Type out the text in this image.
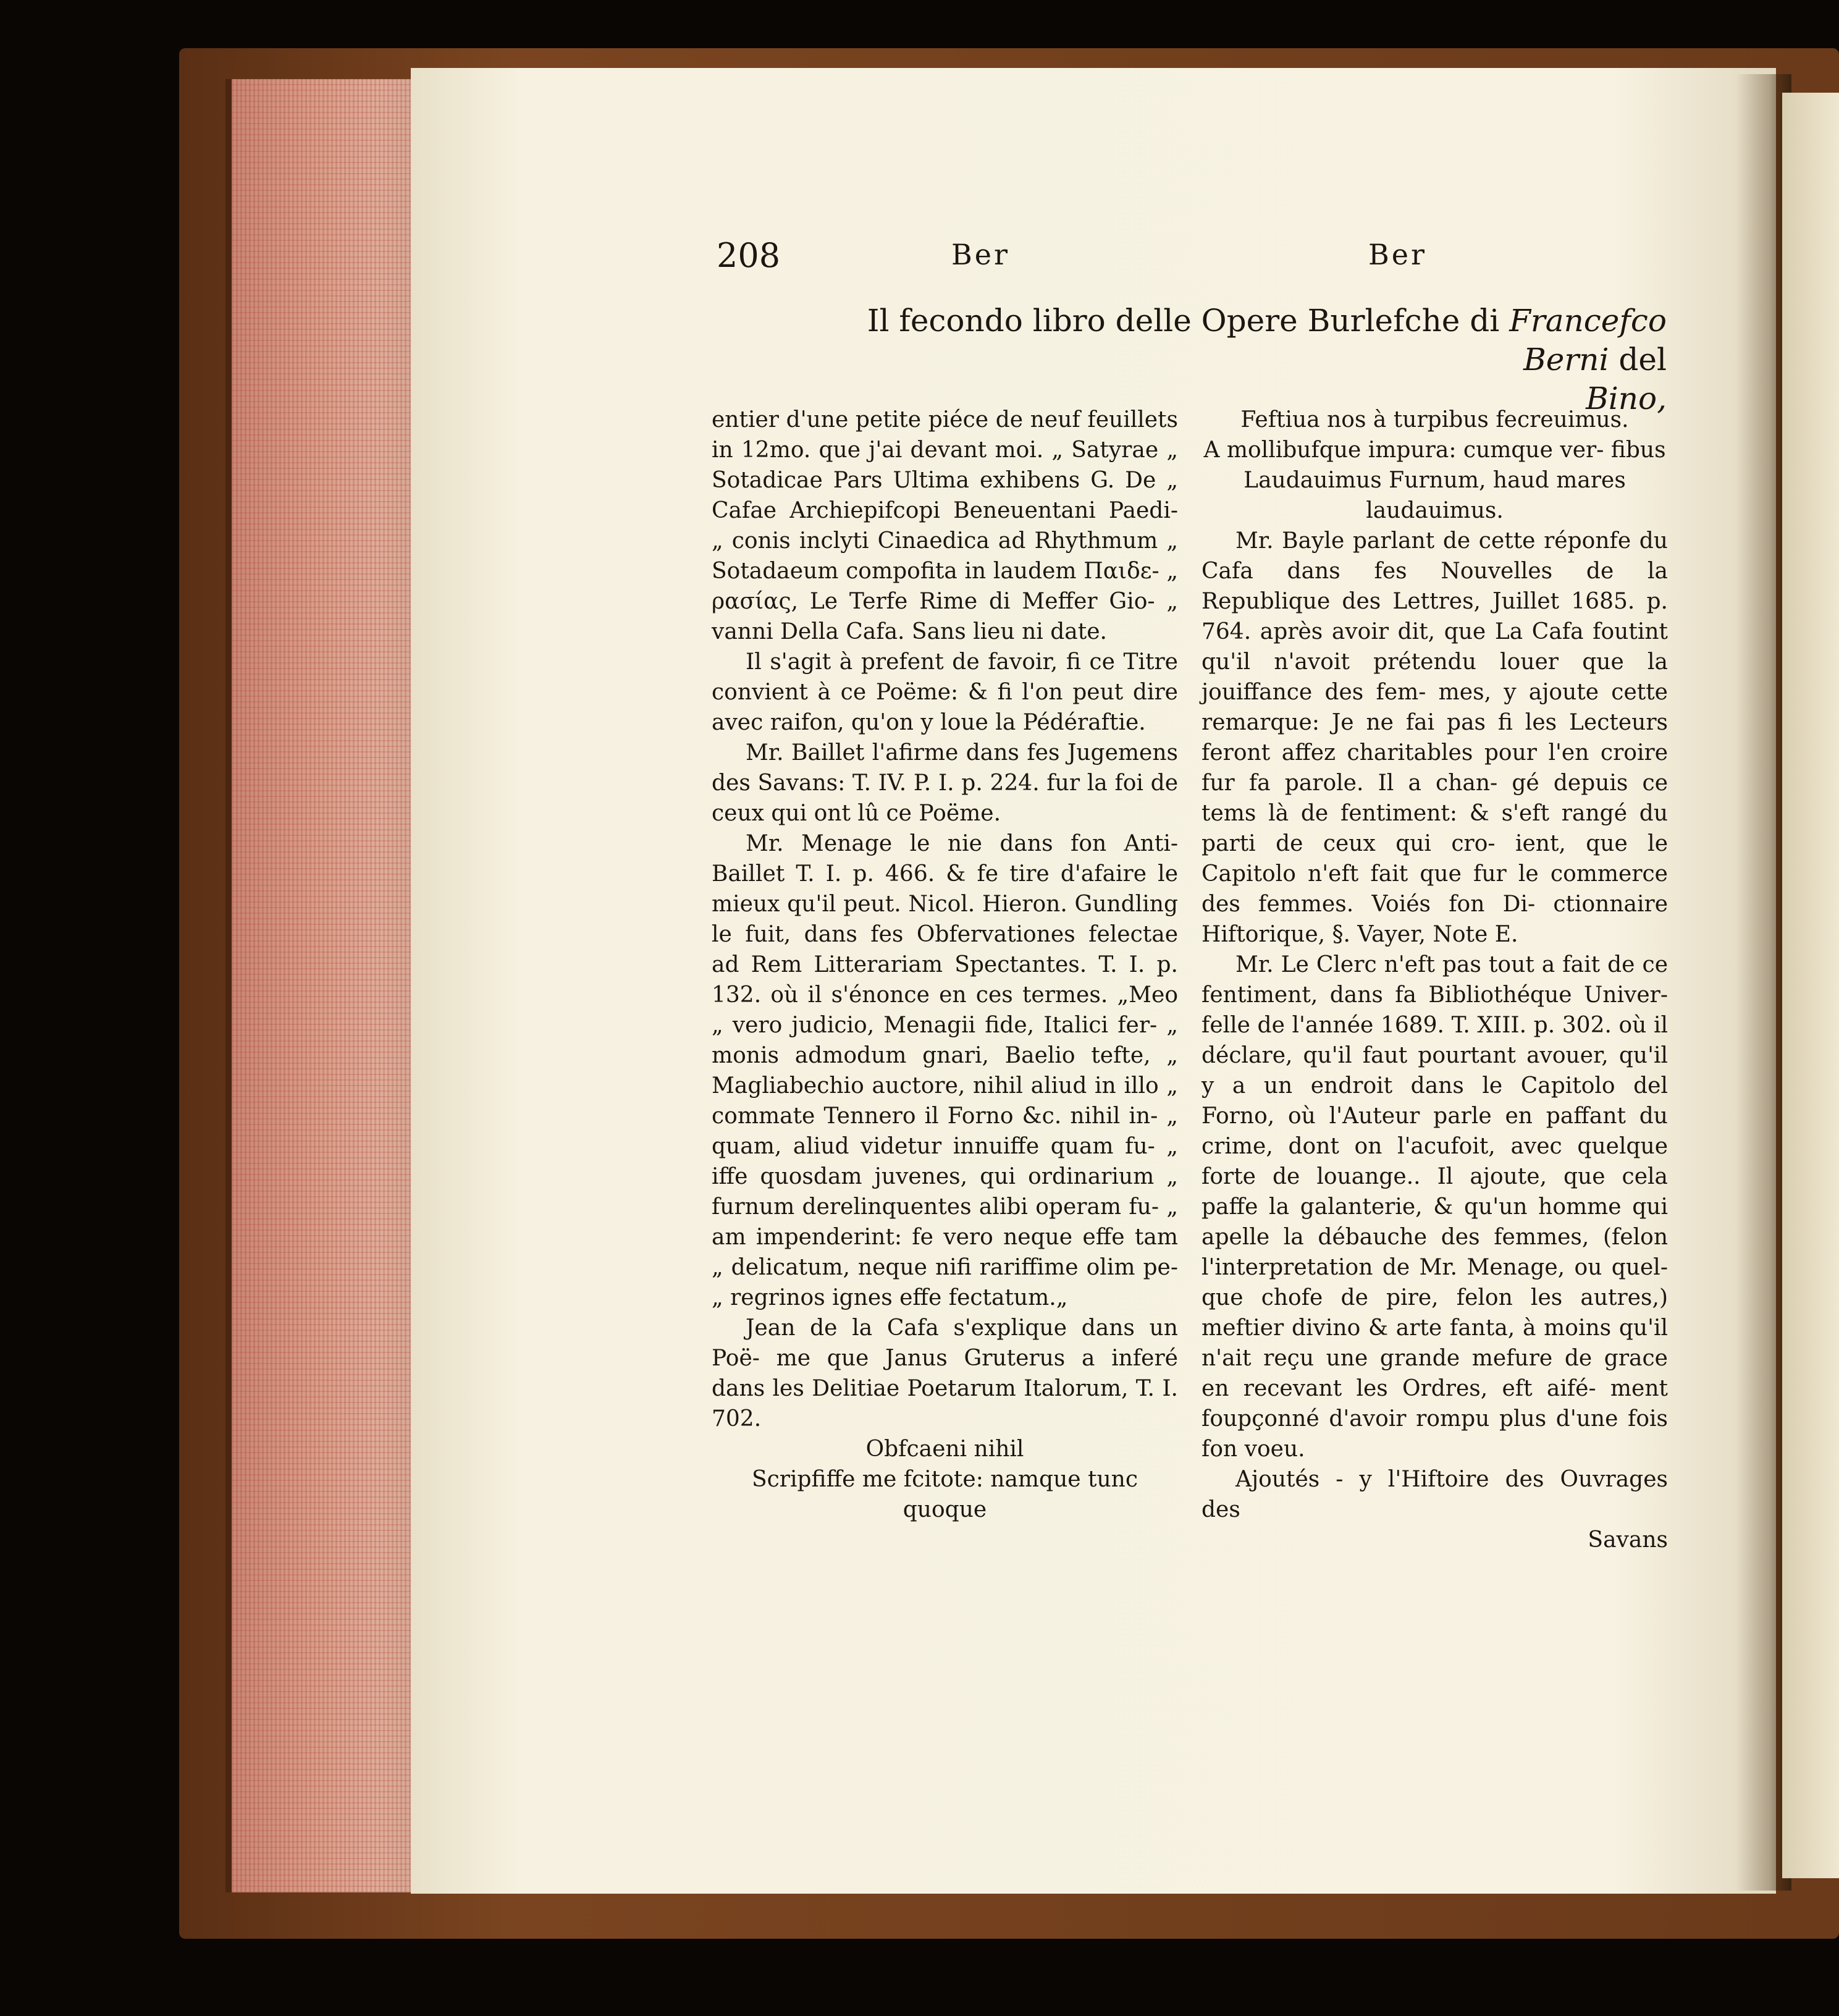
208	Ber	Ber
Il fecondo libro delle Opere Burlefche di Francefco Berni del
Bino,

entier d'une petite piéce de neuf feuillets in 12mo. que j'ai devant moi. „ Satyrae „ Sotadicae Pars Ultima exhibens G. De „ Cafae Archiepifcopi Beneuentani Paedi- „ conis inclyti Cinaedica ad Rhythmum „ Sotadaeum compofita in laudem Παιδε- „ ρασίας, Le Terfe Rime di Meffer Gio- „ vanni Della Cafa. Sans lieu ni date.

Il s'agit à prefent de favoir, fi ce Titre convient à ce Poëme: & fi l'on peut dire avec raifon, qu'on y loue la Pédéraftie.

Mr. Baillet l'afirme dans fes Jugemens des Savans: T. IV. P. I. p. 224. fur la foi de ceux qui ont lû ce Poëme.

Mr. Menage le nie dans fon Anti-Baillet T. I. p. 466. & fe tire d'afaire le mieux qu'il peut. Nicol. Hieron. Gundling le fuit, dans fes Obfervationes felectae ad Rem Litterariam Spectantes. T. I. p. 132. où il s'énonce en ces termes. „Meo „ vero judicio, Menagii fide, Italici fer- „ monis admodum gnari, Baelio tefte, „ Magliabechio auctore, nihil aliud in illo „ commate Tennero il Forno &c. nihil in- „ quam, aliud videtur innuiffe quam fu- „ iffe quosdam juvenes, qui ordinarium „ furnum derelinquentes alibi operam fu- „ am impenderint: fe vero neque effe tam „ delicatum, neque nifi rariffime olim pe- „ regrinos ignes effe fectatum.„

Jean de la Cafa s'explique dans un Poë- me que Janus Gruterus a inferé dans les Delitiae Poetarum Italorum, T. I. 702.

Obfcaeni nihil

Scripfiffe me fcitote: namque tunc quoque

Feftiua nos à turpibus fecreuimus.

A mollibufque impura: cumque ver- fibus

Laudauimus Furnum, haud mares laudauimus.

Mr. Bayle parlant de cette réponfe du Cafa dans fes Nouvelles de la Republique des Lettres, Juillet 1685. p. 764. après avoir dit, que La Cafa foutint qu'il n'avoit prétendu louer que la jouiffance des fem- mes, y ajoute cette remarque: Je ne fai pas fi les Lecteurs feront affez charitables pour l'en croire fur fa parole. Il a chan- gé depuis ce tems là de fentiment: & s'eft rangé du parti de ceux qui cro- ient, que le Capitolo n'eft fait que fur le commerce des femmes. Voiés fon Di- ctionnaire Hiftorique, §. Vayer, Note E.

Mr. Le Clerc n'eft pas tout a fait de ce fentiment, dans fa Bibliothéque Univer- felle de l'année 1689. T. XIII. p. 302. où il déclare, qu'il faut pourtant avouer, qu'il y a un endroit dans le Capitolo del Forno, où l'Auteur parle en paffant du crime, dont on l'acufoit, avec quelque forte de louange.. Il ajoute, que cela paffe la galanterie, & qu'un homme qui apelle la débauche des femmes, (felon l'interpretation de Mr. Menage, ou quel- que chofe de pire, felon les autres,) meftier divino & arte fanta, à moins qu'il n'ait reçu une grande mefure de grace en recevant les Ordres, eft aifé- ment foupçonné d'avoir rompu plus d'une fois fon voeu.

Ajoutés - y l'Hiftoire des Ouvrages des

Savans
